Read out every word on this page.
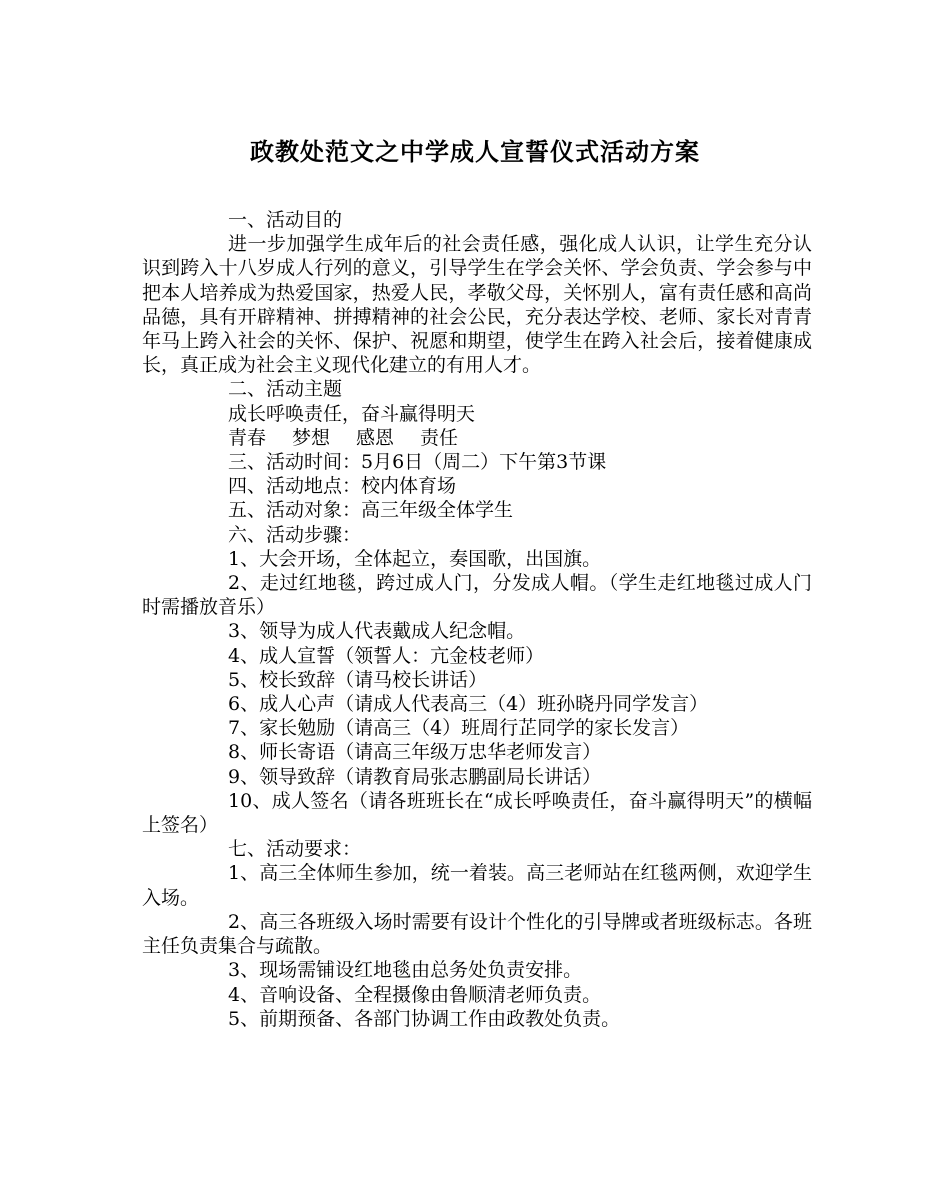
政教处范文之中学成人宣誓仪式活动方案

一、活动目的

进一步加强学生成年后的社会责任感，强化成人认识，让学生充分认识到跨入十八岁成人行列的意义，引导学生在学会关怀、学会负责、学会参与中把本人培养成为热爱国家，热爱人民，孝敬父母，关怀别人，富有责任感和高尚品德，具有开辟精神、拼搏精神的社会公民，充分表达学校、老师、家长对青青年马上跨入社会的关怀、保护、祝愿和期望，使学生在跨入社会后，接着健康成长，真正成为社会主义现代化建立的有用人才。

二、活动主题

成长呼唤责任，奋斗赢得明天

青春 梦想 感恩 责任

三、活动时间：5月6日（周二）下午第3节课

四、活动地点：校内体育场

五、活动对象：高三年级全体学生

六、活动步骤：

1、大会开场，全体起立，奏国歌，出国旗。

2、走过红地毯，跨过成人门，分发成人帽。（学生走红地毯过成人门时需播放音乐）

3、领导为成人代表戴成人纪念帽。

4、成人宣誓（领誓人：亢金枝老师）

5、校长致辞（请马校长讲话）

6、成人心声（请成人代表高三（4）班孙晓丹同学发言）

7、家长勉励（请高三（4）班周行芷同学的家长发言）

8、师长寄语（请高三年级万忠华老师发言）

9、领导致辞（请教育局张志鹏副局长讲话）

10、成人签名（请各班班长在“成长呼唤责任，奋斗赢得明天”的横幅上签名）

七、活动要求：

1、高三全体师生参加，统一着装。高三老师站在红毯两侧，欢迎学生入场。

2、高三各班级入场时需要有设计个性化的引导牌或者班级标志。各班主任负责集合与疏散。

3、现场需铺设红地毯由总务处负责安排。

4、音响设备、全程摄像由鲁顺清老师负责。

5、前期预备、各部门协调工作由政教处负责。
